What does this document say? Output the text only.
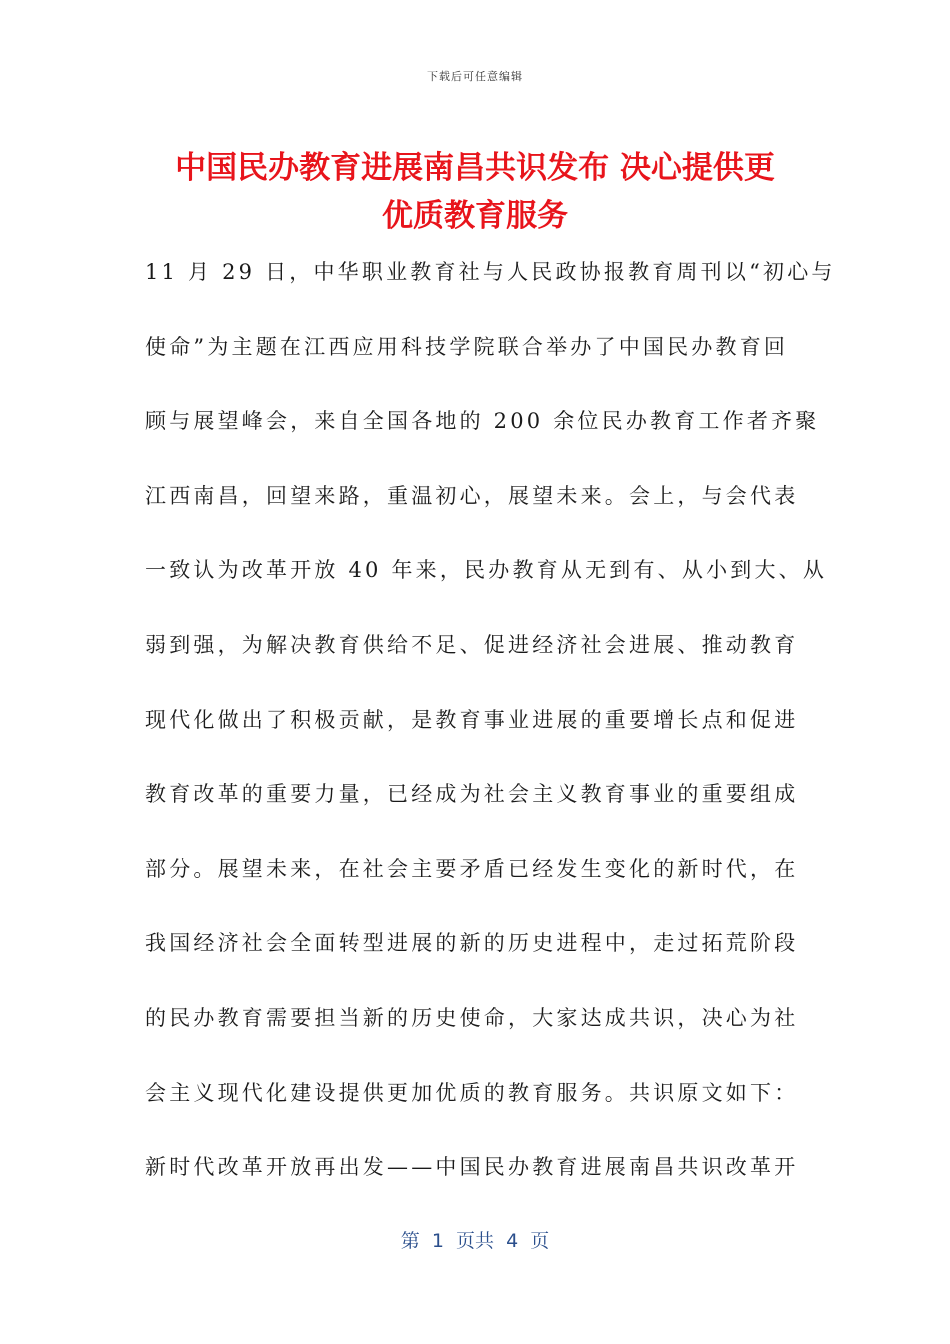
下载后可任意编辑
中国民办教育进展南昌共识发布 决心提供更
优质教育服务
11 月 29 日，中华职业教育社与人民政协报教育周刊以“初心与
使命”为主题在江西应用科技学院联合举办了中国民办教育回
顾与展望峰会，来自全国各地的 200 余位民办教育工作者齐聚
江西南昌，回望来路，重温初心，展望未来。会上，与会代表
一致认为改革开放 40 年来，民办教育从无到有、从小到大、从
弱到强，为解决教育供给不足、促进经济社会进展、推动教育
现代化做出了积极贡献，是教育事业进展的重要增长点和促进
教育改革的重要力量，已经成为社会主义教育事业的重要组成
部分。展望未来，在社会主要矛盾已经发生变化的新时代，在
我国经济社会全面转型进展的新的历史进程中，走过拓荒阶段
的民办教育需要担当新的历史使命，大家达成共识，决心为社
会主义现代化建设提供更加优质的教育服务。共识原文如下：
新时代改革开放再出发——中国民办教育进展南昌共识改革开
第  1  页共  4  页
